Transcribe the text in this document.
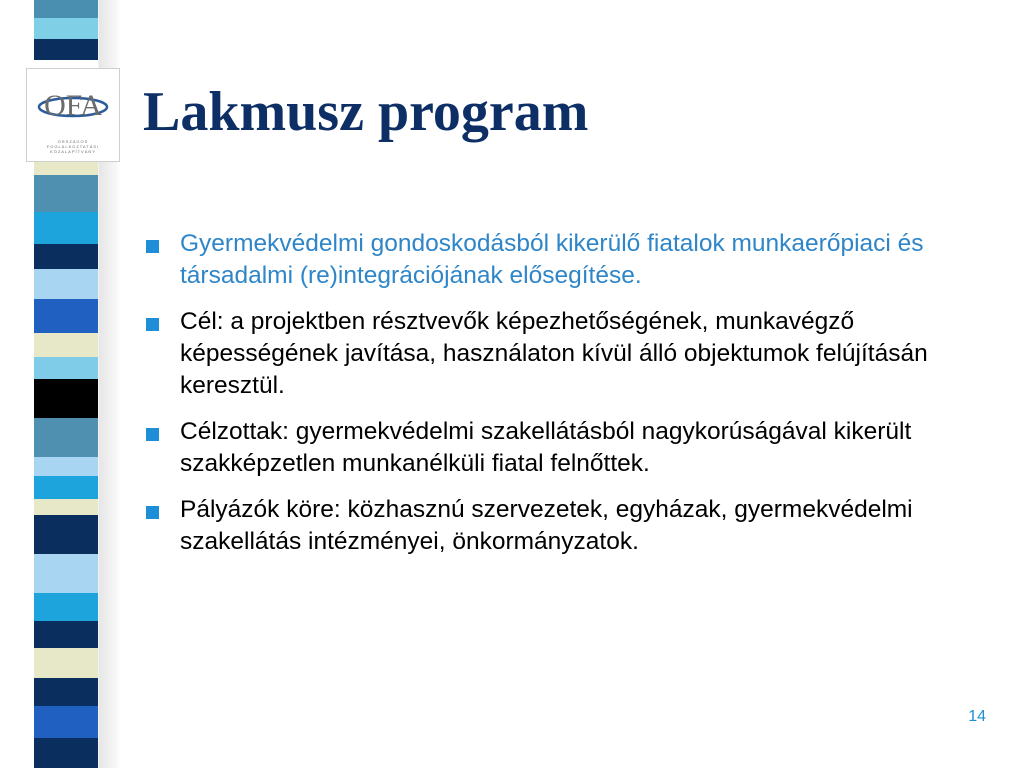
OFA
ORSZÁGOS FOGLALKOZTATÁSI KÖZALAPÍTVÁNY
Lakmusz program
Gyermekvédelmi gondoskodásból kikerülő fiatalok munkaerőpiaci és társadalmi (re)integrációjának elősegítése.
Cél: a projektben résztvevők képezhetőségének, munkavégző képességének javítása, használaton kívül álló objektumok felújításán keresztül.
Célzottak: gyermekvédelmi szakellátásból nagykorúságával kikerült szakképzetlen munkanélküli fiatal felnőttek.
Pályázók köre: közhasznú szervezetek, egyházak, gyermekvédelmi szakellátás intézményei, önkormányzatok.
14
